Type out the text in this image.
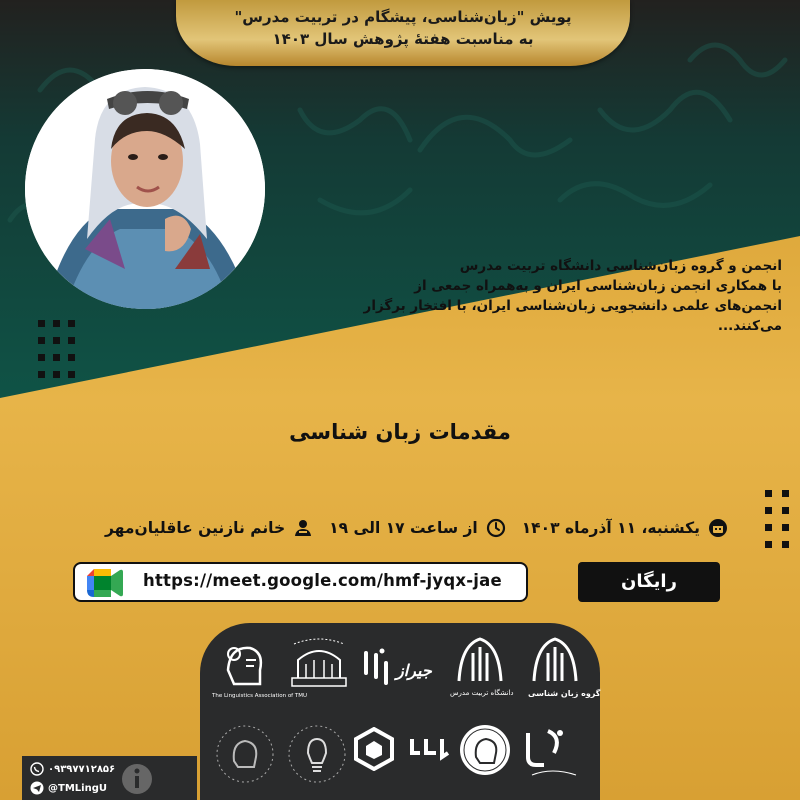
پویش "زبان‌شناسی، پیشگام در تربیت مدرس"
به مناسبت هفتهٔ پژوهش سال ۱۴۰۳
انجمن و گروه زبان‌شناسی دانشگاه تربیت مدرس
با همکاری انجمن زبان‌شناسی ایران و به‌همراه جمعی از
انجمن‌های علمی دانشجویی زبان‌شناسی ایران، با افتخار برگزار می‌کنند...
مقدمات زبان شناسی
یکشنبه، ۱۱ آذرماه ۱۴۰۳
از ساعت ۱۷ الی ۱۹
خانم نازنین عاقلیان‌مهر
https://meet.google.com/hmf-jyqx-jae	رایگان
The Linguistics Association of TMU
جیراز
دانشگاه تربیت مدرس گروه زبان شناسی
۰۹۳۹۷۷۱۲۸۵۶
@TMLingU
